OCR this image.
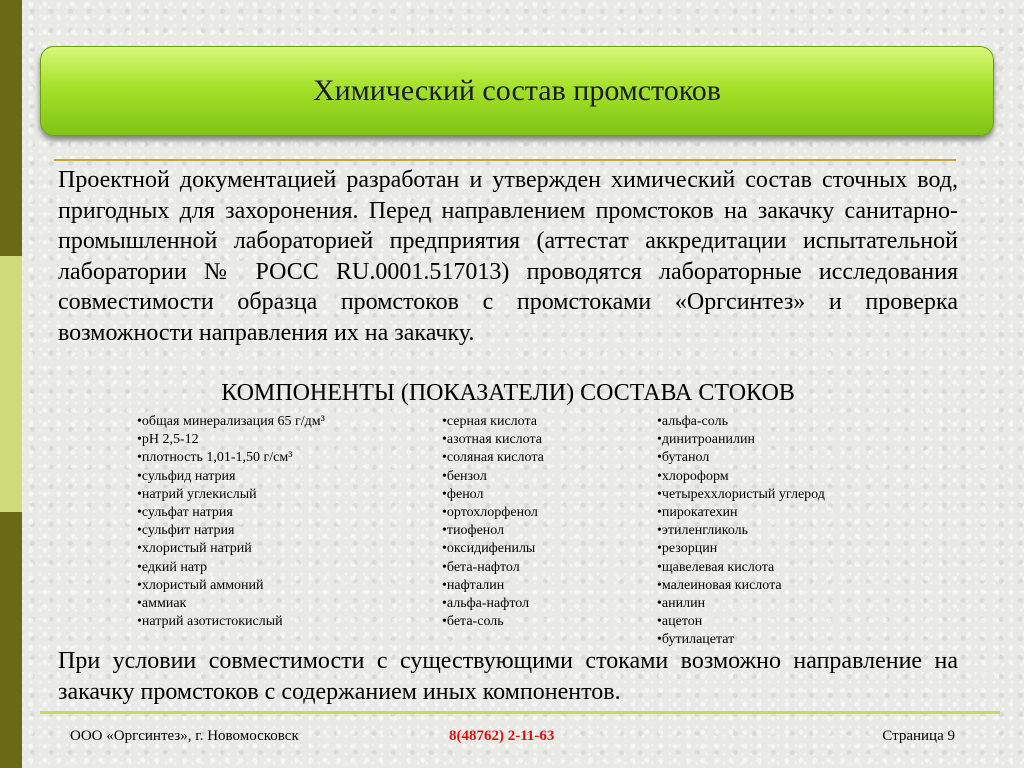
Химический состав промстоков

Проектной документацией разработан и утвержден химический состав сточных вод, пригодных для захоронения. Перед направлением промстоков на закачку санитарно-промышленной лабораторией предприятия (аттестат аккредитации испытательной лаборатории № РОСС RU.0001.517013) проводятся лабораторные исследования совместимости образца промстоков с промстоками «Оргсинтез» и проверка возможности направления их на закачку.

КОМПОНЕНТЫ (ПОКАЗАТЕЛИ) СОСТАВА СТОКОВ
• общая минерализация 65 г/дм³
• рН 2,5-12
• плотность 1,01-1,50 г/см³
• сульфид натрия
• натрий углекислый
• сульфат натрия
• сульфит натрия
• хлористый натрий
• едкий натр
• хлористый аммоний
• аммиак
• натрий азотистокислый
• серная кислота
• азотная кислота
• соляная кислота
• бензол
• фенол
• ортохлорфенол
• тиофенол
• оксидифенилы
• бета-нафтол
• нафталин
• альфа-нафтол
• бета-соль
• альфа-соль
• динитроанилин
• бутанол
• хлороформ
• четыреххлористый углерод
• пирокатехин
• этиленгликоль
• резорцин
• щавелевая кислота
• малеиновая кислота
• анилин
• ацетон
• бутилацетат

При условии совместимости с существующими стоками возможно направление на закачку промстоков с содержанием иных компонентов.

ООО «Оргсинтез», г. Новомосковск	8(48762) 2-11-63	Страница 9
